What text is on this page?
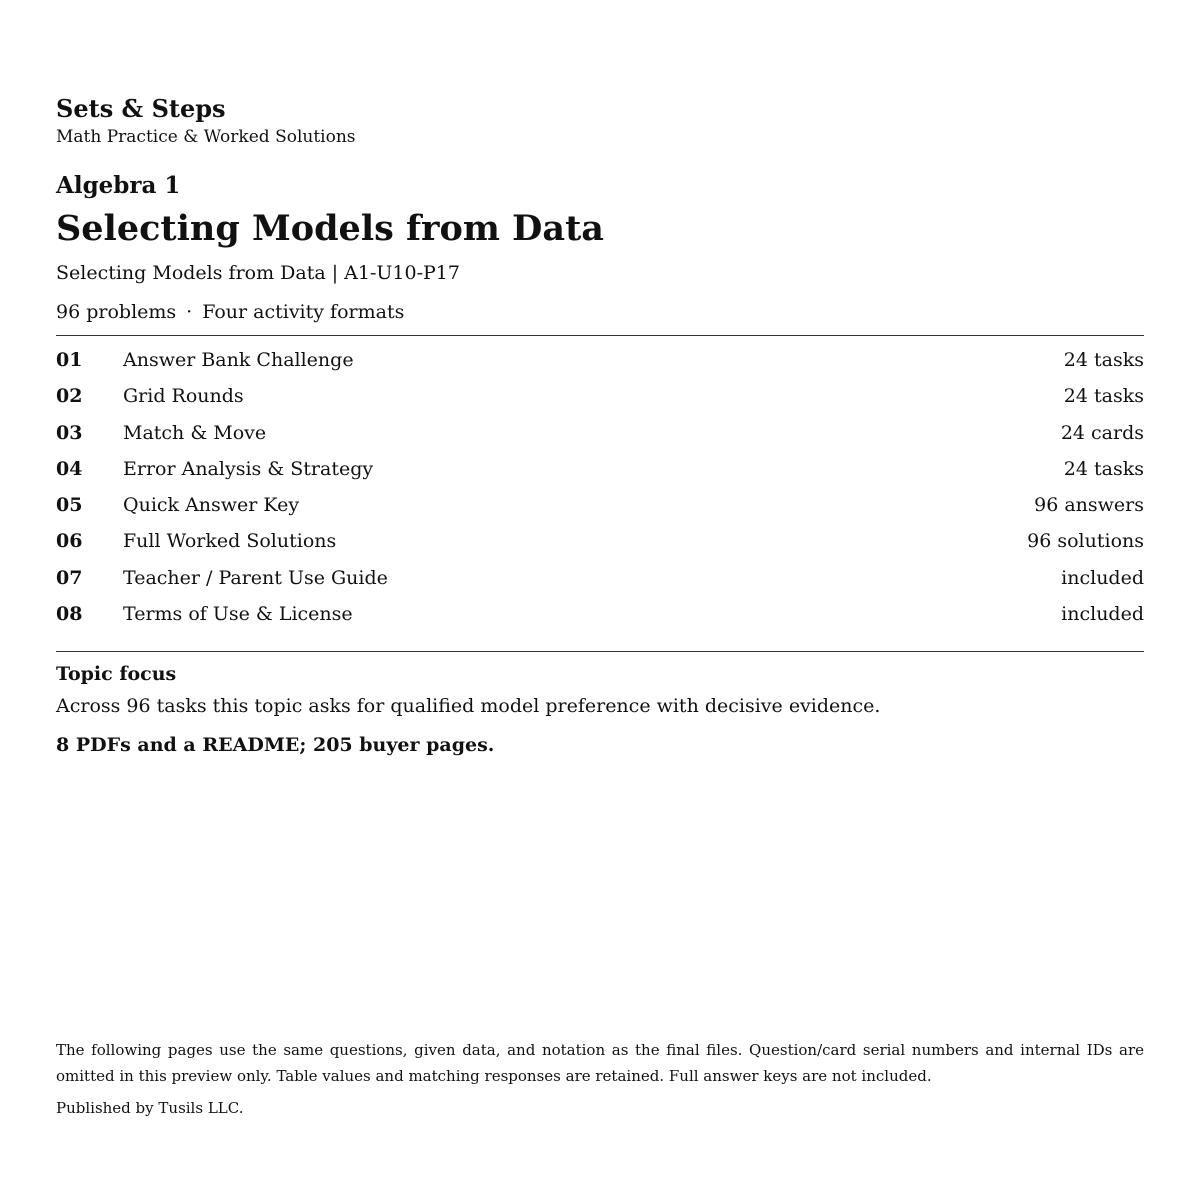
Sets & Steps
Math Practice & Worked Solutions
Algebra 1
Selecting Models from Data
Selecting Models from Data | A1-U10-P17
96 problems · Four activity formats
01 Answer Bank Challenge	24 tasks
02 Grid Rounds	24 tasks
03 Match & Move	24 cards
04 Error Analysis & Strategy	24 tasks
05 Quick Answer Key	96 answers
06 Full Worked Solutions	96 solutions
07 Teacher / Parent Use Guide	included
08 Terms of Use & License	included
Topic focus
Across 96 tasks this topic asks for qualified model preference with decisive evidence.
8 PDFs and a README; 205 buyer pages.
The following pages use the same questions, given data, and notation as the final files. Question/card serial numbers and internal IDs are omitted in this preview only. Table values and matching responses are retained. Full answer keys are not included.
Published by Tusils LLC.
